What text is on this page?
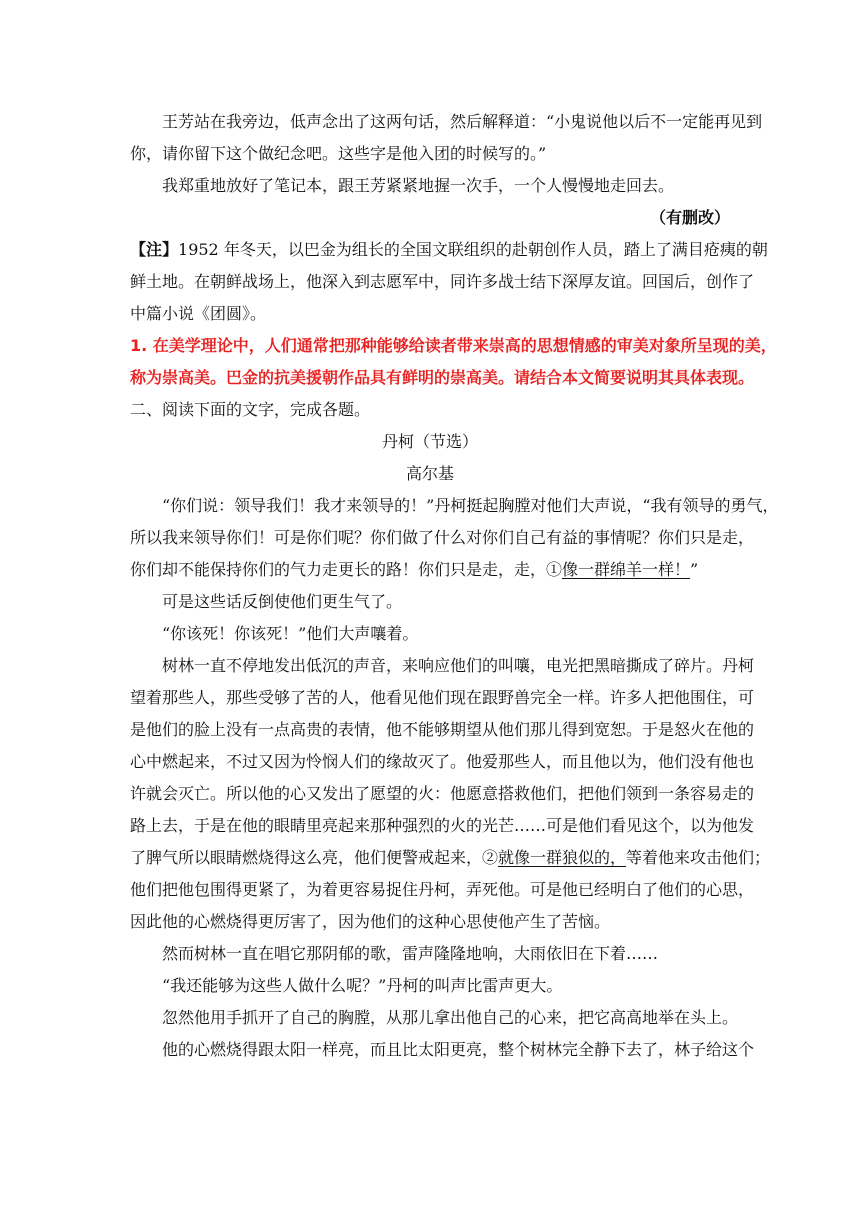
王芳站在我旁边，低声念出了这两句话，然后解释道：“小鬼说他以后不一定能再见到
你，请你留下这个做纪念吧。这些字是他入团的时候写的。”
我郑重地放好了笔记本，跟王芳紧紧地握一次手，一个人慢慢地走回去。
（有删改）
【注】1952 年冬天，以巴金为组长的全国文联组织的赴朝创作人员，踏上了满目疮痍的朝
鲜土地。在朝鲜战场上，他深入到志愿军中，同许多战士结下深厚友谊。回国后，创作了
中篇小说《团圆》。
1. 在美学理论中，人们通常把那种能够给读者带来崇高的思想情感的审美对象所呈现的美，
称为崇高美。巴金的抗美援朝作品具有鲜明的崇高美。请结合本文简要说明其具体表现。
二、阅读下面的文字，完成各题。
丹柯（节选）
高尔基
“你们说：领导我们！我才来领导的！”丹柯挺起胸膛对他们大声说，“我有领导的勇气，
所以我来领导你们！可是你们呢？你们做了什么对你们自己有益的事情呢？你们只是走，
你们却不能保持你们的气力走更长的路！你们只是走，走，①像一群绵羊一样！”
可是这些话反倒使他们更生气了。
“你该死！你该死！”他们大声嚷着。
树林一直不停地发出低沉的声音，来响应他们的叫嚷，电光把黑暗撕成了碎片。丹柯
望着那些人，那些受够了苦的人，他看见他们现在跟野兽完全一样。许多人把他围住，可
是他们的脸上没有一点高贵的表情，他不能够期望从他们那儿得到宽恕。于是怒火在他的
心中燃起来，不过又因为怜悯人们的缘故灭了。他爱那些人，而且他以为，他们没有他也
许就会灭亡。所以他的心又发出了愿望的火：他愿意搭救他们，把他们领到一条容易走的
路上去，于是在他的眼睛里亮起来那种强烈的火的光芒……可是他们看见这个，以为他发
了脾气所以眼睛燃烧得这么亮，他们便警戒起来，②就像一群狼似的，等着他来攻击他们；
他们把他包围得更紧了，为着更容易捉住丹柯，弄死他。可是他已经明白了他们的心思，
因此他的心燃烧得更厉害了，因为他们的这种心思使他产生了苦恼。
然而树林一直在唱它那阴郁的歌，雷声隆隆地响，大雨依旧在下着……
“我还能够为这些人做什么呢？”丹柯的叫声比雷声更大。
忽然他用手抓开了自己的胸膛，从那儿拿出他自己的心来，把它高高地举在头上。
他的心燃烧得跟太阳一样亮，而且比太阳更亮，整个树林完全静下去了，林子给这个
